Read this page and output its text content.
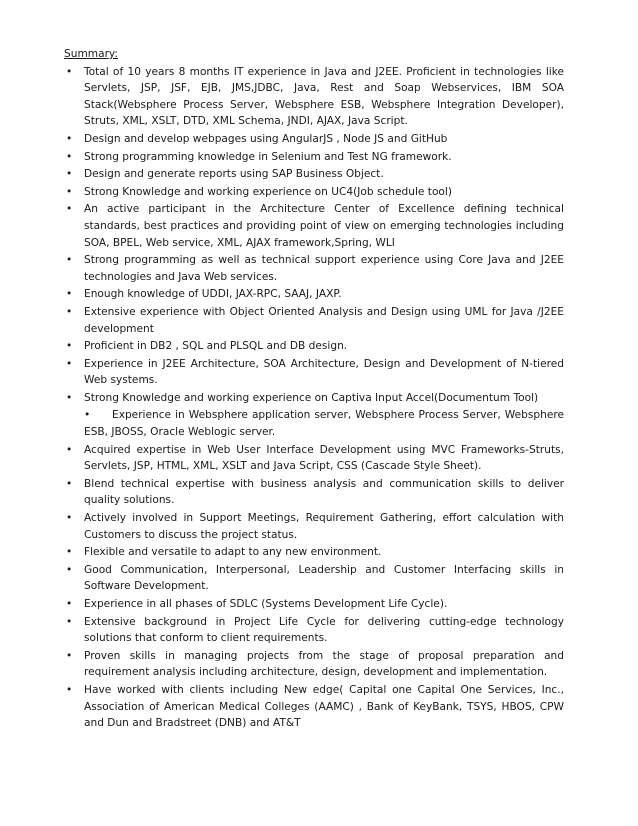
Summary:
• Total of 10 years 8 months IT experience in Java and J2EE. Proficient in technologies like Servlets, JSP, JSF, EJB, JMS,JDBC, Java, Rest and Soap Webservices, IBM SOA Stack(Websphere Process Server, Websphere ESB, Websphere Integration Developer), Struts, XML, XSLT, DTD, XML Schema, JNDI, AJAX, Java Script.
• Design and develop webpages using AngularJS , Node JS and GitHub
• Strong programming knowledge in Selenium and Test NG framework.
• Design and generate reports using SAP Business Object.
• Strong Knowledge and working experience on UC4(Job schedule tool)
• An active participant in the Architecture Center of Excellence defining technical standards, best practices and providing point of view on emerging technologies including SOA, BPEL, Web service, XML, AJAX framework,Spring, WLI
• Strong programming as well as technical support experience using Core Java and J2EE technologies and Java Web services.
• Enough knowledge of UDDI, JAX-RPC, SAAJ, JAXP.
• Extensive experience with Object Oriented Analysis and Design using UML for Java /J2EE development
• Proficient in DB2 , SQL and PLSQL and DB design.
• Experience in J2EE Architecture, SOA Architecture, Design and Development of N-tiered Web systems.
• Strong Knowledge and working experience on Captiva Input Accel(Documentum Tool)
• Experience in Websphere application server, Websphere Process Server, Websphere ESB, JBOSS, Oracle Weblogic server.
• Acquired expertise in Web User Interface Development using MVC Frameworks-Struts, Servlets, JSP, HTML, XML, XSLT and Java Script, CSS (Cascade Style Sheet).
• Blend technical expertise with business analysis and communication skills to deliver quality solutions.
• Actively involved in Support Meetings, Requirement Gathering, effort calculation with Customers to discuss the project status.
• Flexible and versatile to adapt to any new environment.
• Good Communication, Interpersonal, Leadership and Customer Interfacing skills in Software Development.
• Experience in all phases of SDLC (Systems Development Life Cycle).
• Extensive background in Project Life Cycle for delivering cutting-edge technology solutions that conform to client requirements.
• Proven skills in managing projects from the stage of proposal preparation and requirement analysis including architecture, design, development and implementation.
• Have worked with clients including New edge( Capital one Capital One Services, Inc., Association of American Medical Colleges (AAMC) , Bank of KeyBank, TSYS, HBOS, CPW and Dun and Bradstreet (DNB) and AT&T
